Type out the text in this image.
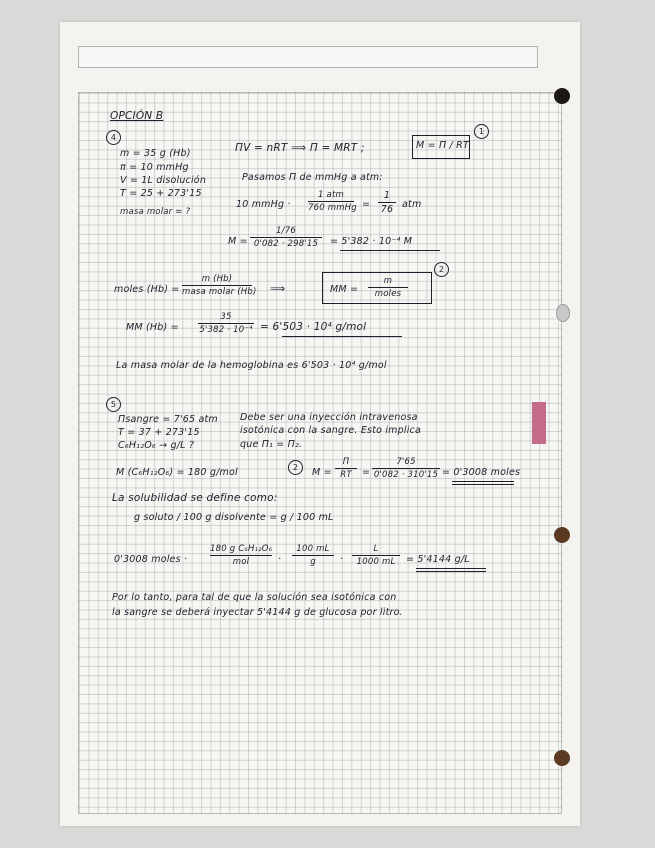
OPCIÓN B
4
m = 35 g (Hb)
π = 10 mmHg
V = 1L disolución
T = 25 + 273'15
masa molar = ?
ΠV = nRT ⟹ Π = MRT ;	M = Π / RT
1
Pasamos Π de mmHg a atm:
10 mmHg ·
1 atm
760 mmHg =
1
76 atm
M =
1/76
0'082 · 298'15	= 5'382 · 10⁻⁴ M
2
moles (Hb) =
m (Hb)
masa molar (Hb) ⟹	MM =
m
moles
MM (Hb) =
35
5'382 · 10⁻⁴ = 6'503 · 10⁴ g/mol
La masa molar de la hemoglobina es 6'503 · 10⁴ g/mol
5
Πsangre = 7'65 atm
T = 37 + 273'15
C₆H₁₂O₆ → g/L ?
Debe ser una inyección intravenosa
isotónica con la sangre. Esto implica
que Π₁ = Π₂.
M (C₆H₁₂O₆) = 180 g/mol	2	M =
Π
RT	=
7'65
0'082 · 310'15 = 0'3008 moles
La solubilidad se define como:
g soluto / 100 g disolvente = g / 100 mL
0'3008 moles ·
180 g C₆H₁₂O₆
mol	·
100 mL
g	·
L
1000 mL	= 5'4144 g/L
Por lo tanto, para tal de que la solución sea isotónica con
la sangre se deberá inyectar 5'4144 g de glucosa por litro.
